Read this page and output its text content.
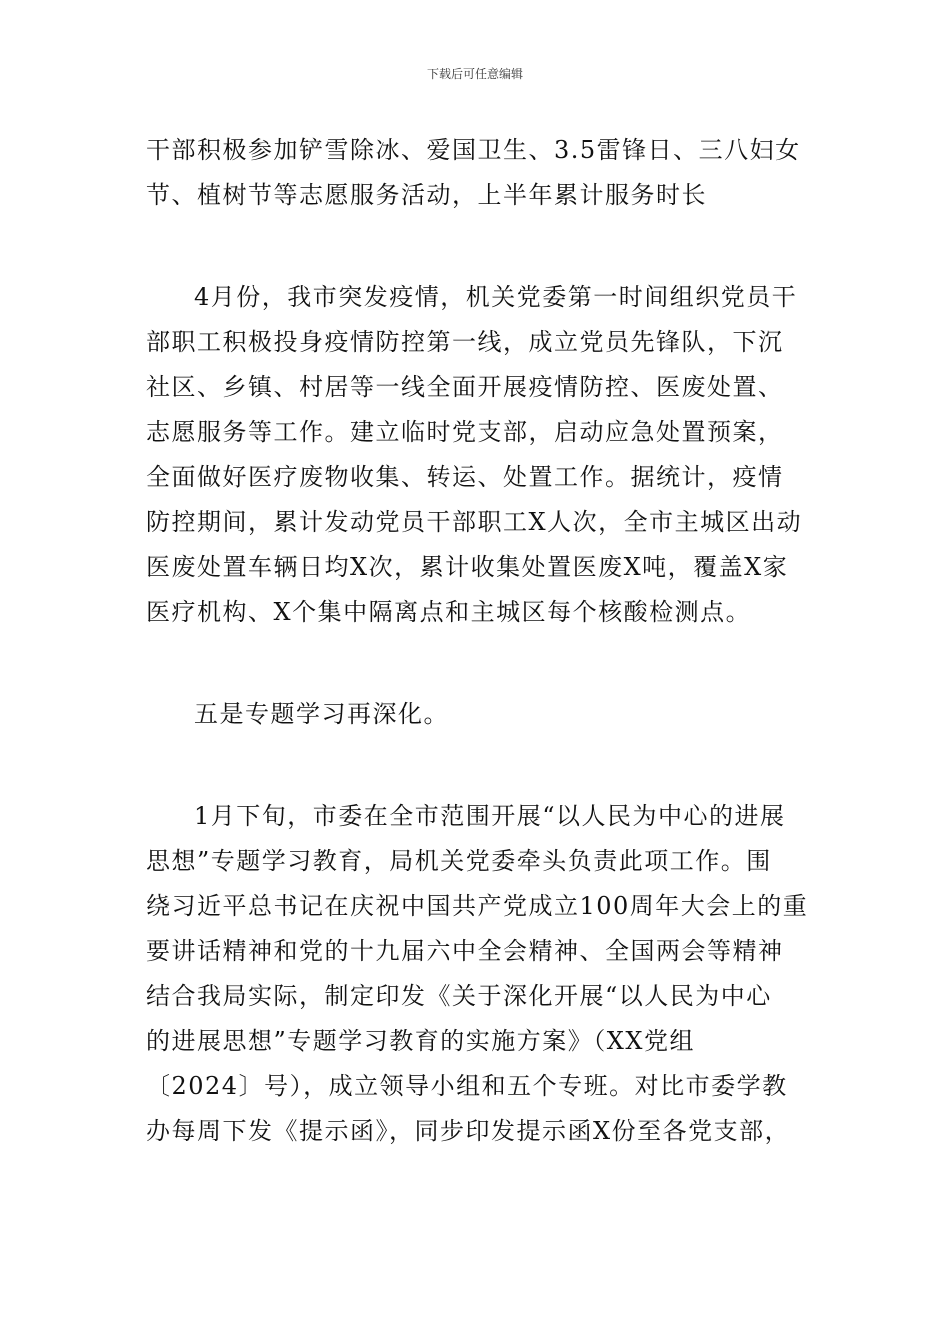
下载后可任意编辑

干部积极参加铲雪除冰、爱国卫生、3.5雷锋日、三八妇女
节、植树节等志愿服务活动，上半年累计服务时长

4月份，我市突发疫情，机关党委第一时间组织党员干
部职工积极投身疫情防控第一线，成立党员先锋队，下沉
社区、乡镇、村居等一线全面开展疫情防控、医废处置、
志愿服务等工作。建立临时党支部，启动应急处置预案，
全面做好医疗废物收集、转运、处置工作。据统计，疫情
防控期间，累计发动党员干部职工X人次，全市主城区出动
医废处置车辆日均X次，累计收集处置医废X吨，覆盖X家
医疗机构、X个集中隔离点和主城区每个核酸检测点。

五是专题学习再深化。

1月下旬，市委在全市范围开展“以人民为中心的进展
思想”专题学习教育，局机关党委牵头负责此项工作。围
绕习近平总书记在庆祝中国共产党成立100周年大会上的重
要讲话精神和党的十九届六中全会精神、全国两会等精神
结合我局实际，制定印发《关于深化开展“以人民为中心
的进展思想”专题学习教育的实施方案》（XX党组
〔2024〕号），成立领导小组和五个专班。对比市委学教
办每周下发《提示函》，同步印发提示函X份至各党支部，
